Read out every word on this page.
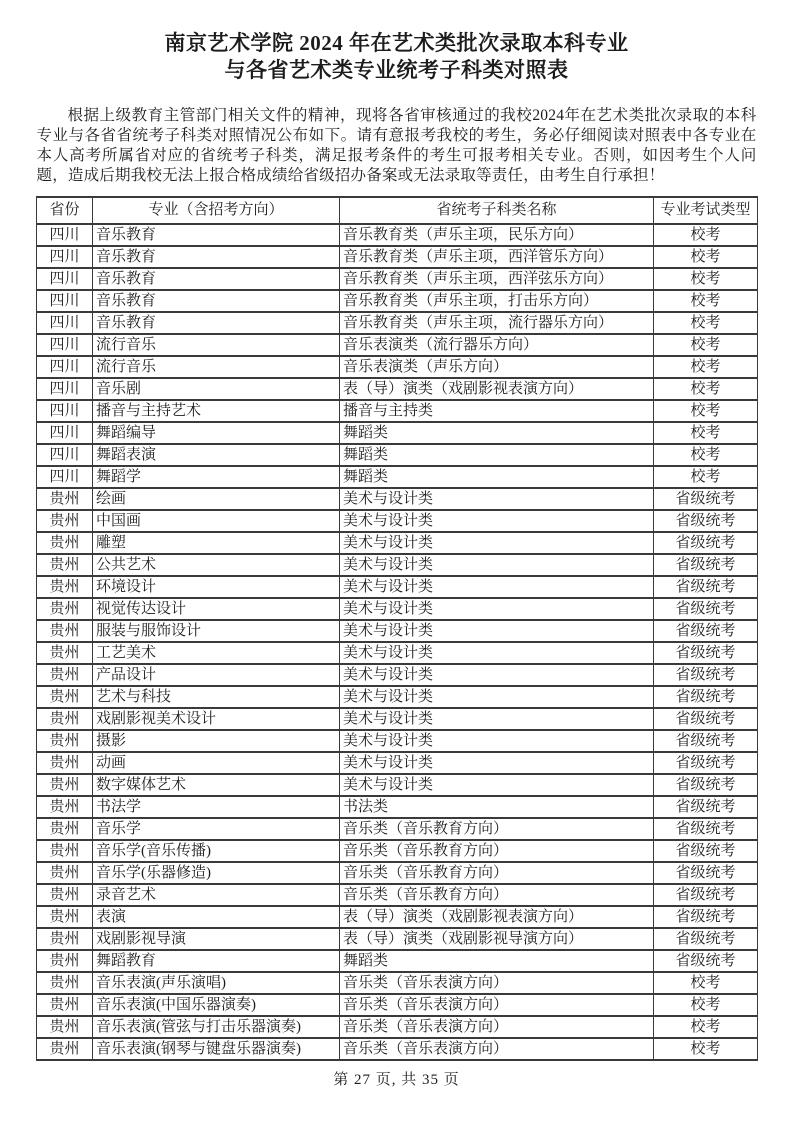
南京艺术学院 2024 年在艺术类批次录取本科专业
与各省艺术类专业统考子科类对照表

根据上级教育主管部门相关文件的精神，现将各省审核通过的我校2024年在艺术类批次录取的本科专业与各省省统考子科类对照情况公布如下。请有意报考我校的考生，务必仔细阅读对照表中各专业在本人高考所属省对应的省统考子科类，满足报考条件的考生可报考相关专业。否则，如因考生个人问题，造成后期我校无法上报合格成绩给省级招办备案或无法录取等责任，由考生自行承担！

省份	专业（含招考方向）	省统考子科类名称	专业考试类型
四川	音乐教育	音乐教育类（声乐主项，民乐方向）	校考
四川	音乐教育	音乐教育类（声乐主项，西洋管乐方向）	校考
四川	音乐教育	音乐教育类（声乐主项，西洋弦乐方向）	校考
四川	音乐教育	音乐教育类（声乐主项，打击乐方向）	校考
四川	音乐教育	音乐教育类（声乐主项，流行器乐方向）	校考
四川	流行音乐	音乐表演类（流行器乐方向）	校考
四川	流行音乐	音乐表演类（声乐方向）	校考
四川	音乐剧	表（导）演类（戏剧影视表演方向）	校考
四川	播音与主持艺术	播音与主持类	校考
四川	舞蹈编导	舞蹈类	校考
四川	舞蹈表演	舞蹈类	校考
四川	舞蹈学	舞蹈类	校考
贵州	绘画	美术与设计类	省级统考
贵州	中国画	美术与设计类	省级统考
贵州	雕塑	美术与设计类	省级统考
贵州	公共艺术	美术与设计类	省级统考
贵州	环境设计	美术与设计类	省级统考
贵州	视觉传达设计	美术与设计类	省级统考
贵州	服装与服饰设计	美术与设计类	省级统考
贵州	工艺美术	美术与设计类	省级统考
贵州	产品设计	美术与设计类	省级统考
贵州	艺术与科技	美术与设计类	省级统考
贵州	戏剧影视美术设计	美术与设计类	省级统考
贵州	摄影	美术与设计类	省级统考
贵州	动画	美术与设计类	省级统考
贵州	数字媒体艺术	美术与设计类	省级统考
贵州	书法学	书法类	省级统考
贵州	音乐学	音乐类（音乐教育方向）	省级统考
贵州	音乐学(音乐传播)	音乐类（音乐教育方向）	省级统考
贵州	音乐学(乐器修造)	音乐类（音乐教育方向）	省级统考
贵州	录音艺术	音乐类（音乐教育方向）	省级统考
贵州	表演	表（导）演类（戏剧影视表演方向）	省级统考
贵州	戏剧影视导演	表（导）演类（戏剧影视导演方向）	省级统考
贵州	舞蹈教育	舞蹈类	省级统考
贵州	音乐表演(声乐演唱)	音乐类（音乐表演方向）	校考
贵州	音乐表演(中国乐器演奏)	音乐类（音乐表演方向）	校考
贵州	音乐表演(管弦与打击乐器演奏)	音乐类（音乐表演方向）	校考
贵州	音乐表演(钢琴与键盘乐器演奏)	音乐类（音乐表演方向）	校考
第 27 页, 共 35 页
